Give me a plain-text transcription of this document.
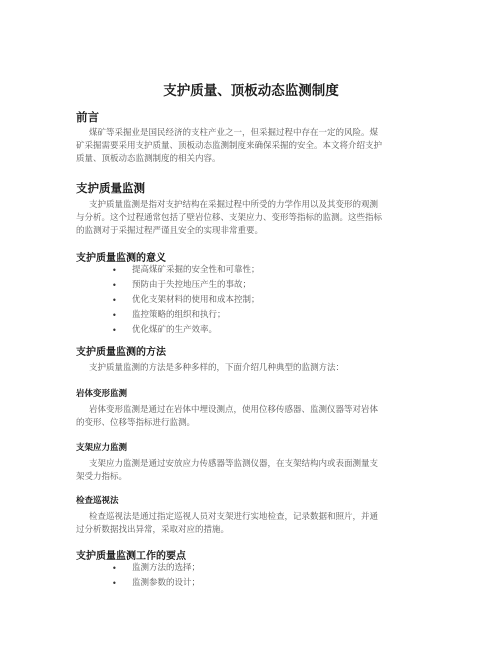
支护质量、顶板动态监测制度
前言
煤矿等采掘业是国民经济的支柱产业之一，但采掘过程中存在一定的风险。煤
矿采掘需要采用支护质量、顶板动态监测制度来确保采掘的安全。本文将介绍支护
质量、顶板动态监测制度的相关内容。
支护质量监测
支护质量监测是指对支护结构在采掘过程中所受的力学作用以及其变形的观测
与分析。这个过程通常包括了壁岩位移、支架应力、变形等指标的监测。这些指标
的监测对于采掘过程严谨且安全的实现非常重要。
支护质量监测的意义
• 提高煤矿采掘的安全性和可靠性；
• 预防由于失控地压产生的事故；
• 优化支架材料的使用和成本控制；
• 监控策略的组织和执行；
• 优化煤矿的生产效率。
支护质量监测的方法
支护质量监测的方法是多种多样的，下面介绍几种典型的监测方法：
岩体变形监测
岩体变形监测是通过在岩体中埋设测点，使用位移传感器、监测仪器等对岩体
的变形、位移等指标进行监测。
支架应力监测
支架应力监测是通过安放应力传感器等监测仪器，在支架结构内或表面测量支
架受力指标。
检查巡视法
检查巡视法是通过指定巡视人员对支架进行实地检查，记录数据和照片，并通
过分析数据找出异常，采取对应的措施。
支护质量监测工作的要点
• 监测方法的选择；
• 监测参数的设计；
